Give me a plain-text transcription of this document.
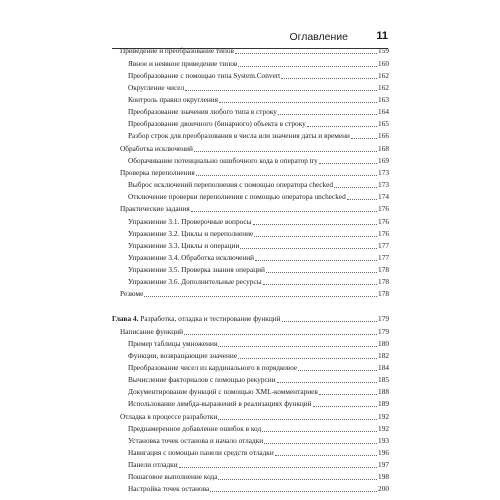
Оглавление	11
Приведение и преобразование типов	159
Явное и неявное приведение типов	160
Преобразование с помощью типа System.Convert	162
Округление чисел	162
Контроль правил округления	163
Преобразование значения любого типа в строку	164
Преобразование двоичного (бинарного) объекта в строку	165
Разбор строк для преобразования в числа или значения даты и времени	166
Обработка исключений	168
Оборачивание потенциально ошибочного кода в оператор try	169
Проверка переполнения	173
Выброс исключений переполнения с помощью оператора checked	173
Отключение проверки переполнения с помощью оператора unchecked	174
Практические задания	176
Упражнение 3.1. Проверочные вопросы	176
Упражнение 3.2. Циклы и переполнение	176
Упражнение 3.3. Циклы и операции	177
Упражнение 3.4. Обработка исключений	177
Упражнение 3.5. Проверка знания операций	178
Упражнение 3.6. Дополнительные ресурсы	178
Резюме	178
Глава 4. Разработка, отладка и тестирование функций	179
Написание функций	179
Пример таблицы умножения	180
Функции, возвращающие значение	182
Преобразование чисел из кардинального в порядковое	184
Вычисление факториалов с помощью рекурсии	185
Документирование функций с помощью XML-комментариев	188
Использование лямбда-выражений в реализациях функций	189
Отладка в процессе разработки	192
Преднамеренное добавление ошибок в код	192
Установка точек останова и начало отладки	193
Навигация с помощью панели средств отладки	196
Панели отладки	197
Пошаговое выполнение кода	198
Настройка точек останова	200
